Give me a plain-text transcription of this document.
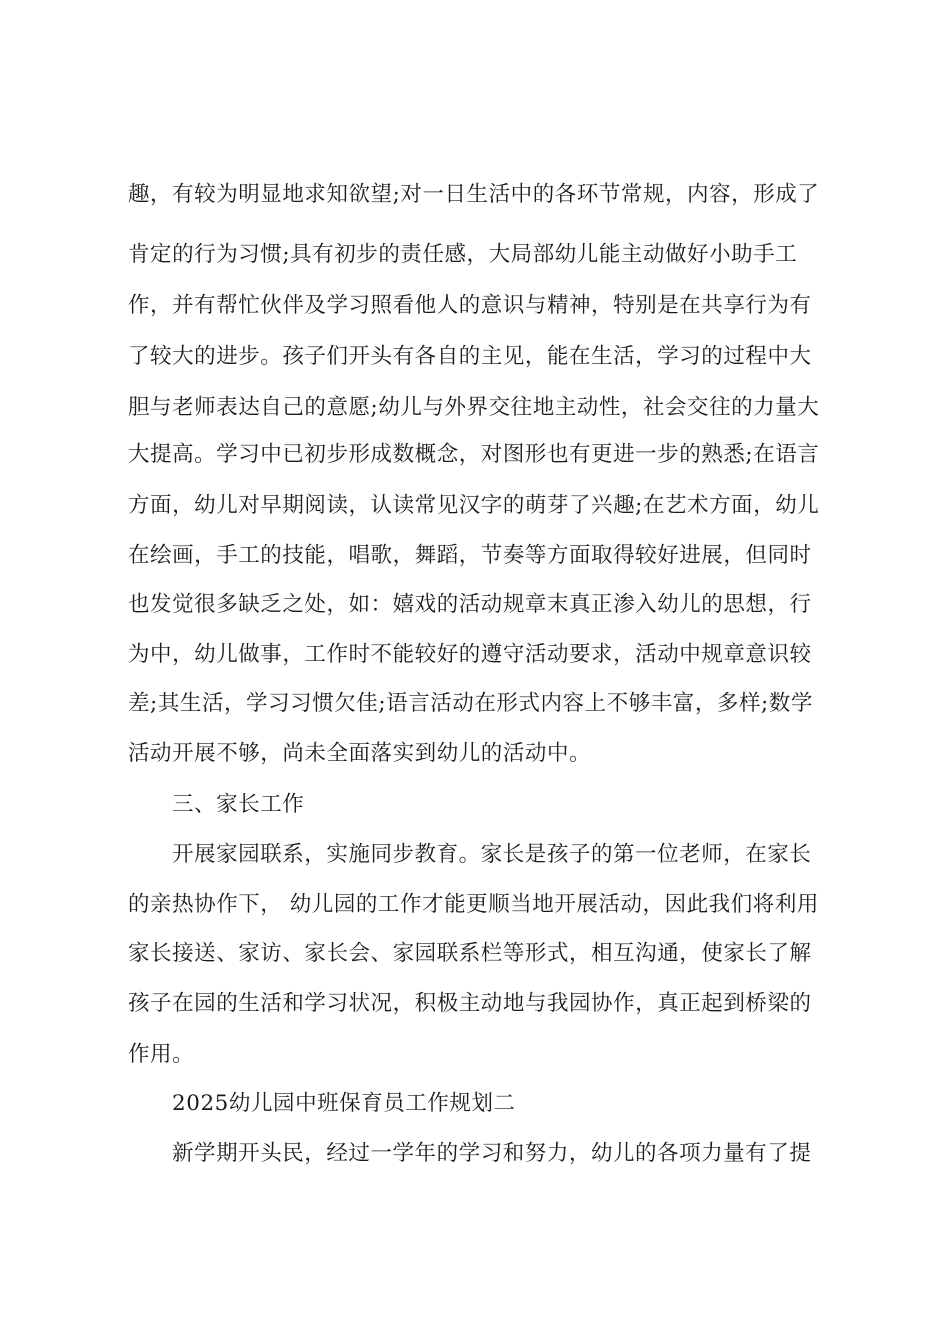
趣，有较为明显地求知欲望;对一日生活中的各环节常规，内容，形成了
肯定的行为习惯;具有初步的责任感，大局部幼儿能主动做好小助手工
作，并有帮忙伙伴及学习照看他人的意识与精神，特别是在共享行为有
了较大的进步。孩子们开头有各自的主见，能在生活，学习的过程中大
胆与老师表达自己的意愿;幼儿与外界交往地主动性，社会交往的力量大
大提高。学习中已初步形成数概念，对图形也有更进一步的熟悉;在语言
方面，幼儿对早期阅读，认读常见汉字的萌芽了兴趣;在艺术方面，幼儿
在绘画，手工的技能，唱歌，舞蹈，节奏等方面取得较好进展，但同时
也发觉很多缺乏之处，如：嬉戏的活动规章末真正渗入幼儿的思想，行
为中，幼儿做事，工作时不能较好的遵守活动要求，活动中规章意识较
差;其生活，学习习惯欠佳;语言活动在形式内容上不够丰富，多样;数学
活动开展不够，尚未全面落实到幼儿的活动中。
三、家长工作
开展家园联系，实施同步教育。家长是孩子的第一位老师，在家长
的亲热协作下， 幼儿园的工作才能更顺当地开展活动，因此我们将利用
家长接送、家访、家长会、家园联系栏等形式，相互沟通，使家长了解
孩子在园的生活和学习状况，积极主动地与我园协作，真正起到桥梁的
作用。
2025幼儿园中班保育员工作规划二
新学期开头民，经过一学年的学习和努力，幼儿的各项力量有了提
